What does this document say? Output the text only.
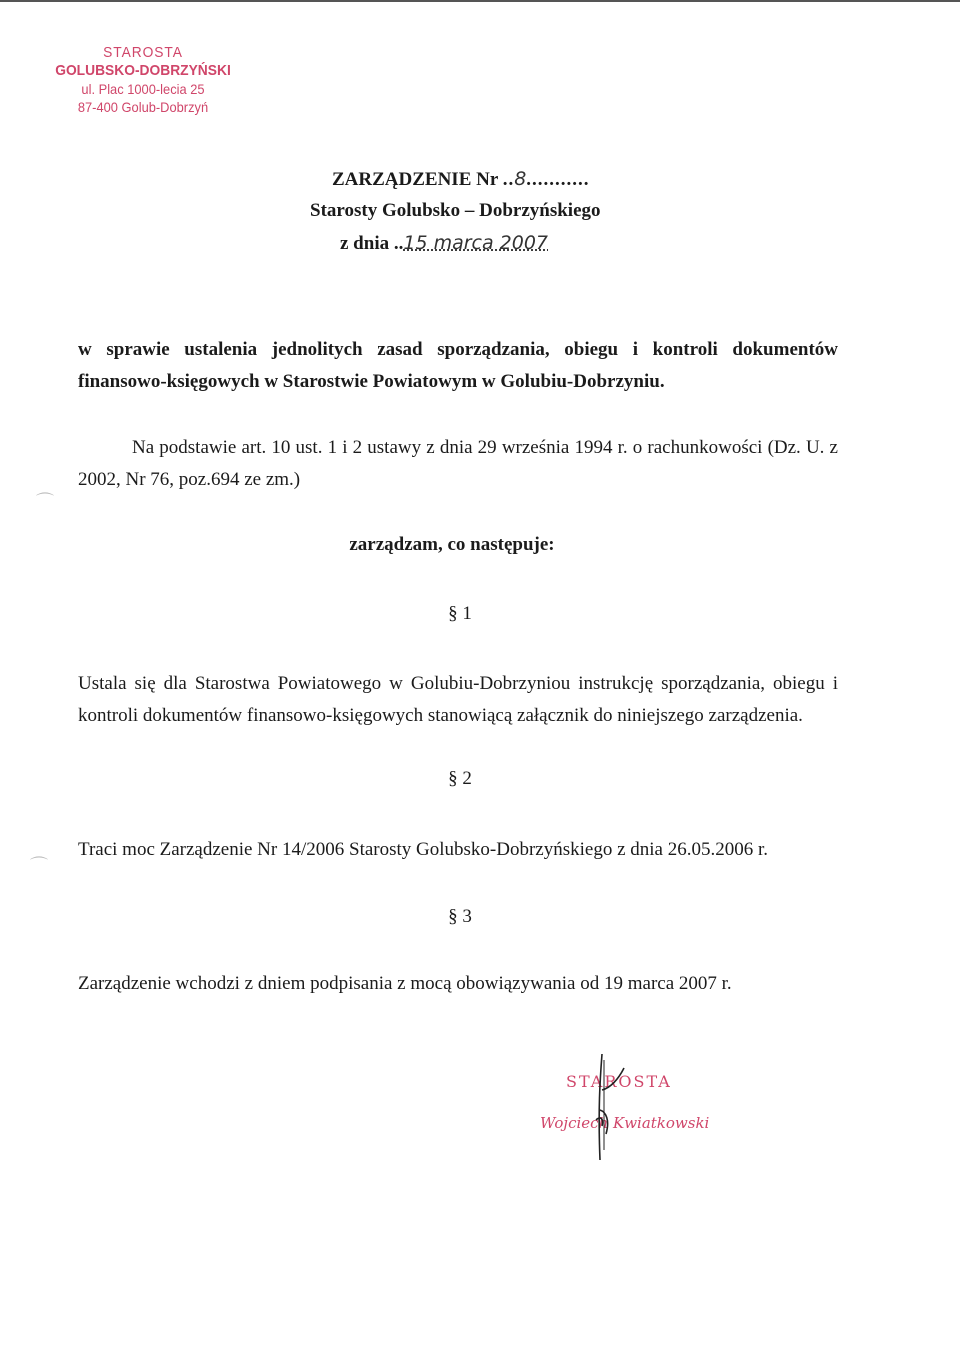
STAROSTA
GOLUBSKO-DOBRZYŃSKI
ul. Plac 1000-lecia 25
87-400 Golub-Dobrzyń
ZARZĄDZENIE Nr ..8...........
Starosty Golubsko – Dobrzyńskiego
z dnia ..15 marca 2007
w sprawie ustalenia jednolitych zasad sporządzania, obiegu i kontroli dokumentów finansowo-księgowych w Starostwie Powiatowym w Golubiu-Dobrzyniu.
Na podstawie art. 10 ust. 1 i 2 ustawy z dnia 29 września 1994 r. o rachunkowości (Dz. U. z 2002, Nr 76, poz.694 ze zm.)
zarządzam, co następuje:
§ 1
Ustala się dla Starostwa Powiatowego w Golubiu-Dobrzyniou instrukcję sporządzania, obiegu i kontroli dokumentów finansowo-księgowych stanowiącą załącznik do niniejszego zarządzenia.
§ 2
Traci moc Zarządzenie Nr 14/2006 Starosty Golubsko-Dobrzyńskiego z dnia 26.05.2006 r.
§ 3
Zarządzenie wchodzi z dniem podpisania z mocą obowiązywania od 19 marca 2007 r.
STAROSTA
Wojciech Kwiatkowski
⌒
⌒
